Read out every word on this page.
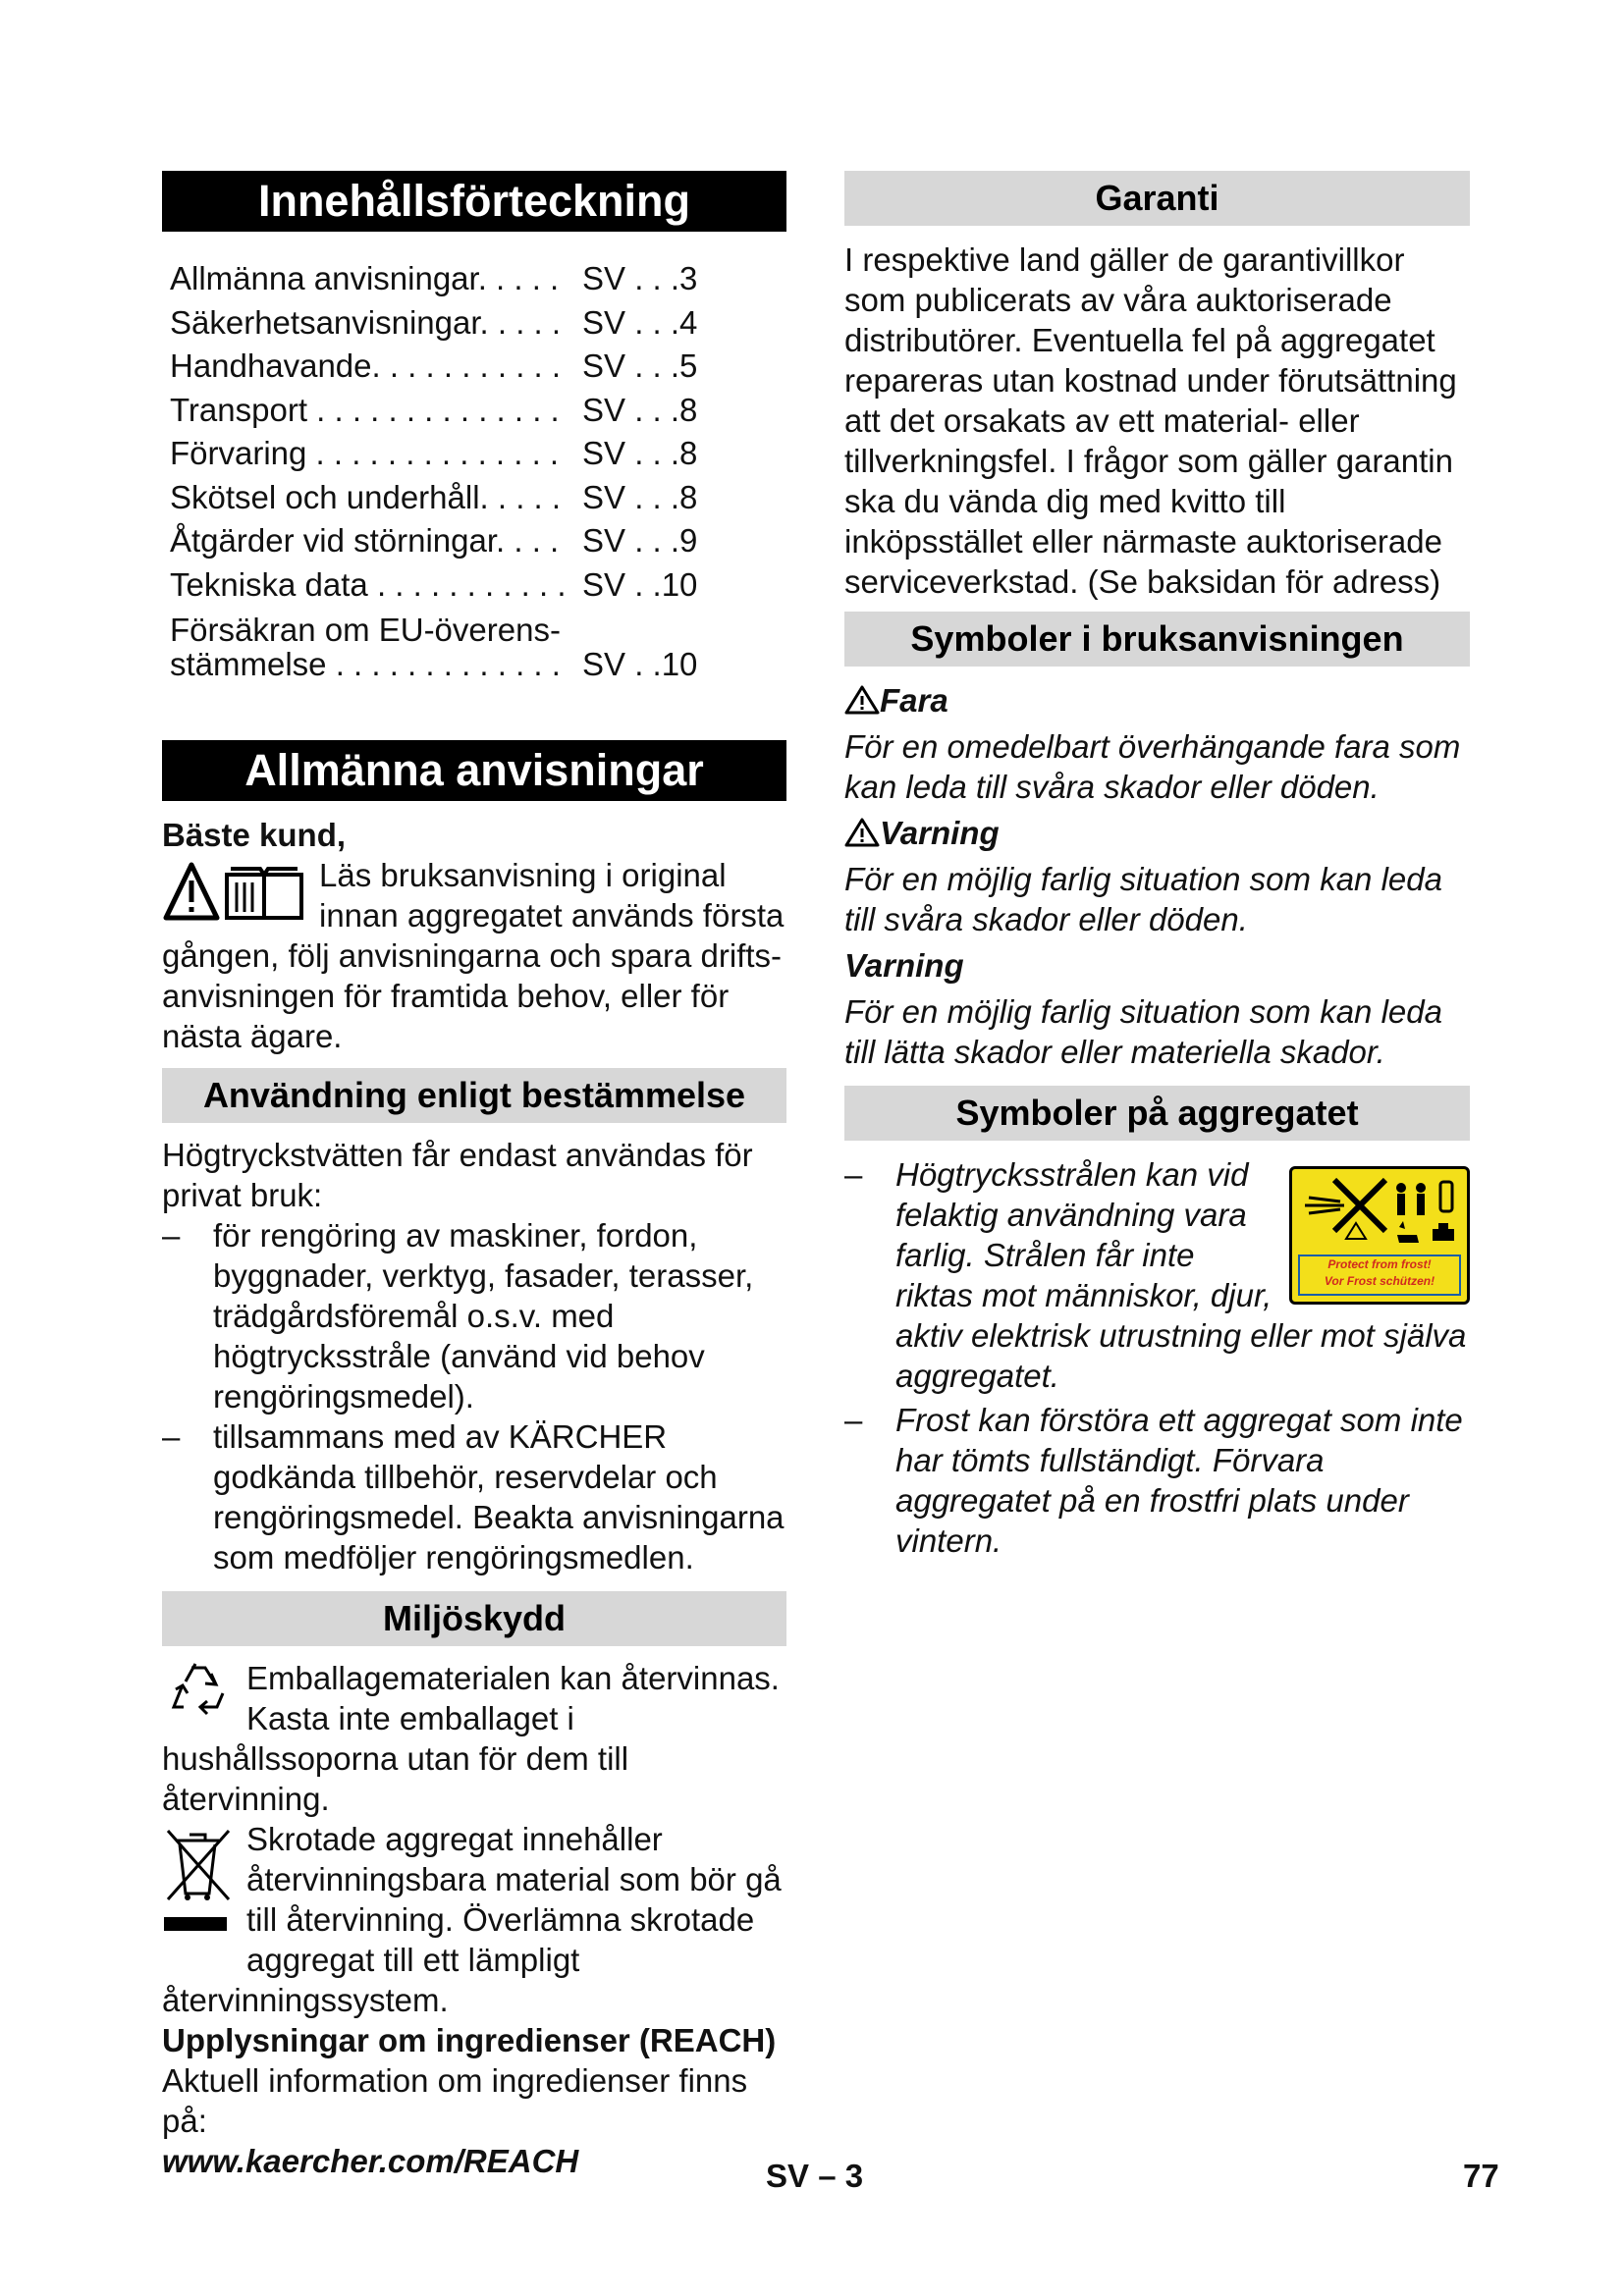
Innehållsförteckning
Allmänna anvisningar. . . . . SV . . .3
Säkerhetsanvisningar. . . . . SV . . .4
Handhavande. . . . . . . . . . . SV . . .5
Transport . . . . . . . . . . . . . . SV . . .8
Förvaring . . . . . . . . . . . . . . SV . . .8
Skötsel och underhåll. . . . . SV . . .8
Åtgärder vid störningar. . . . SV . . .9
Tekniska data . . . . . . . . . . . SV . .10
Försäkran om EU-överens-
stämmelse . . . . . . . . . . . . . SV . .10
Allmänna anvisningar

Bäste kund,

Läs bruksanvisning i original innan aggregatet används första gången, följ anvisningarna och spara drifts-anvisningen för framtida behov, eller för nästa ägare.
Användning enligt bestämmelse

Högtryckstvätten får endast användas för privat bruk:

– för rengöring av maskiner, fordon, byggnader, verktyg, fasader, terasser, trädgårdsföremål o.s.v. med högtrycksstråle (använd vid behov rengöringsmedel).
– tillsammans med av KÄRCHER godkända tillbehör, reservdelar och rengöringsmedel. Beakta anvisningarna som medföljer rengöringsmedlen.
Miljöskydd
Emballagematerialen kan återvinnas. Kasta inte emballaget i hushållssoporna utan för dem till återvinning.
Skrotade aggregat innehåller återvinningsbara material som bör gå till återvinning. Överlämna skrotade aggregat till ett lämpligt återvinningssystem.

Upplysningar om ingredienser (REACH)

Aktuell information om ingredienser finns på:

www.kaercher.com/REACH

Garanti

I respektive land gäller de garantivillkor som publicerats av våra auktoriserade distributörer. Eventuella fel på aggregatet repareras utan kostnad under förutsättning att det orsakats av ett material- eller tillverkningsfel. I frågor som gäller garantin ska du vända dig med kvitto till inköpsstället eller närmaste auktoriserade serviceverkstad. (Se baksidan för adress)

Symboler i bruksanvisningen

Fara

För en omedelbart överhängande fara som kan leda till svåra skador eller döden.

Varning

För en möjlig farlig situation som kan leda till svåra skador eller döden.

Varning

För en möjlig farlig situation som kan leda till lätta skador eller materiella skador.

Symboler på aggregatet
–
Protect from frost!
Vor Frost schützen!
Högtrycksstrålen kan vid felaktig användning vara farlig. Strålen får inte riktas mot människor, djur, aktiv elektrisk utrustning eller mot själva aggregatet.
– Frost kan förstöra ett aggregat som inte har tömts fullständigt. Förvara aggregatet på en frostfri plats under vintern.
SV – 3	77
